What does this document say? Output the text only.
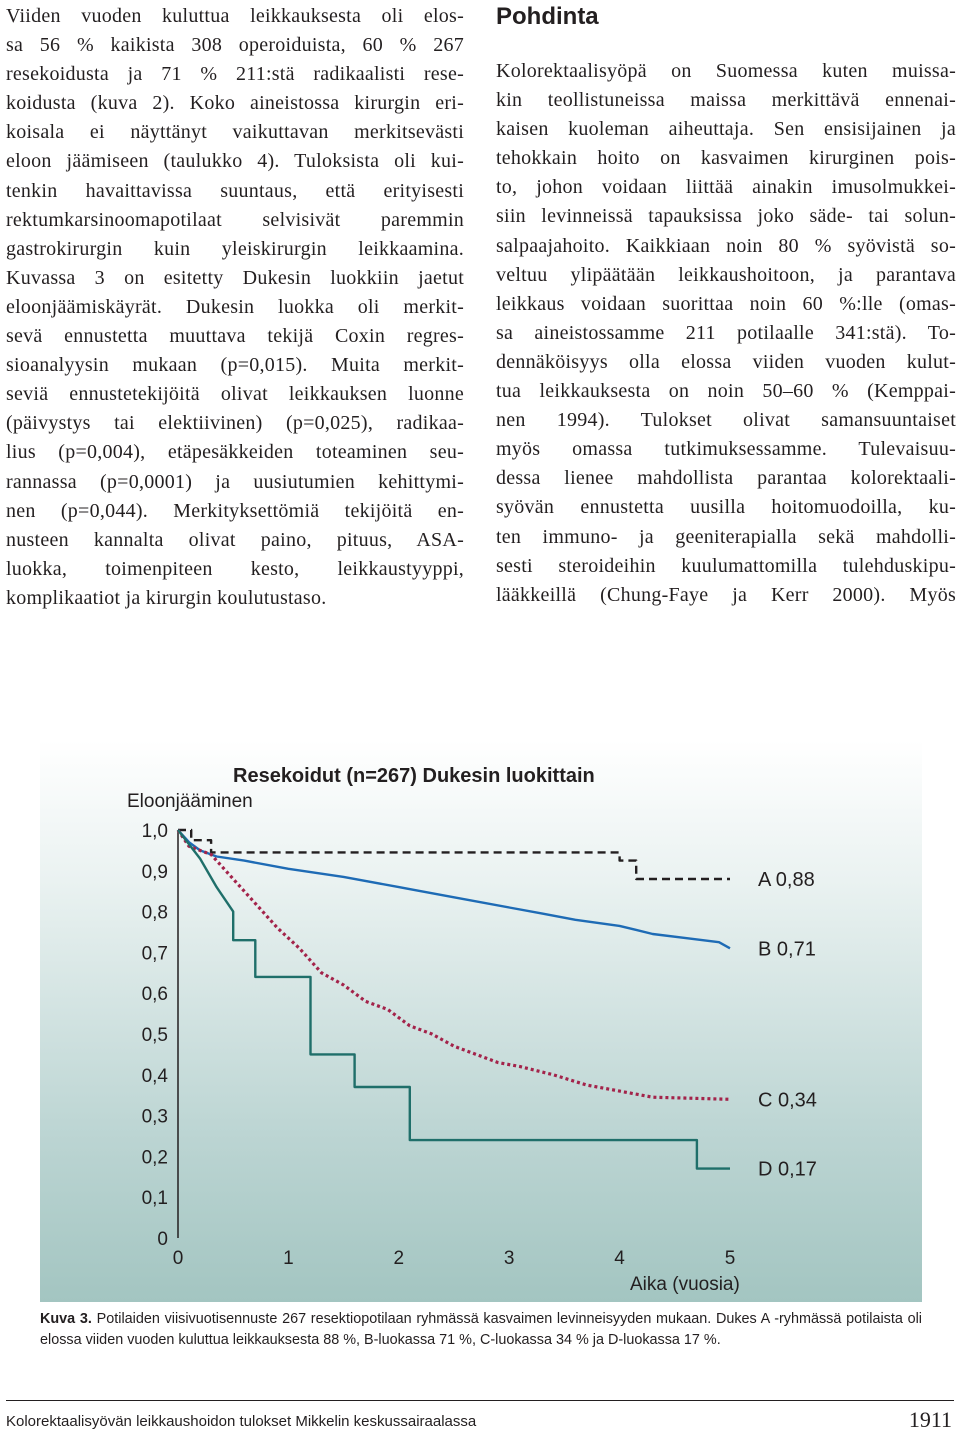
Viiden vuoden kuluttua leikkauksesta oli elos-

sa 56 % kaikista 308 operoiduista, 60 % 267

resekoidusta ja 71 % 211:stä radikaalisti rese-

koidusta (kuva 2). Koko aineistossa kirurgin eri-

koisala ei näyttänyt vaikuttavan merkitsevästi

eloon jäämiseen (taulukko 4). Tuloksista oli kui-

tenkin havaittavissa suuntaus, että erityisesti

rektumkarsinoomapotilaat selvisivät paremmin

gastrokirurgin kuin yleiskirurgin leikkaamina.

Kuvassa 3 on esitetty Dukesin luokkiin jaetut

eloonjäämiskäyrät. Dukesin luokka oli merkit-

sevä ennustetta muuttava tekijä Coxin regres-

sioanalyysin mukaan (p=0,015). Muita merkit-

seviä ennustetekijöitä olivat leikkauksen luonne

(päivystys tai elektiivinen) (p=0,025), radikaa-

lius (p=0,004), etäpesäkkeiden toteaminen seu-

rannassa (p=0,0001) ja uusiutumien kehittymi-

nen (p=0,044). Merkityksettömiä tekijöitä en-

nusteen kannalta olivat paino, pituus, ASA-

luokka, toimenpiteen kesto, leikkaustyyppi,

komplikaatiot ja kirurgin koulutustaso.

Pohdinta

Kolorektaalisyöpä on Suomessa kuten muissa-

kin teollistuneissa maissa merkittävä ennenai-

kaisen kuoleman aiheuttaja. Sen ensisijainen ja

tehokkain hoito on kasvaimen kirurginen pois-

to, johon voidaan liittää ainakin imusolmukkei-

siin levinneissä tapauksissa joko säde- tai solun-

salpaajahoito. Kaikkiaan noin 80 % syövistä so-

veltuu ylipäätään leikkaushoitoon, ja parantava

leikkaus voidaan suorittaa noin 60 %:lle (omas-

sa aineistossamme 211 potilaalle 341:stä). To-

dennäköisyys olla elossa viiden vuoden kulut-

tua leikkauksesta on noin 50–60 % (Kemppai-

nen 1994). Tulokset olivat samansuuntaiset

myös omassa tutkimuksessamme. Tulevaisuu-

dessa lienee mahdollista parantaa kolorektaali-

syövän ennustetta uusilla hoitomuodoilla, ku-

ten immuno- ja geeniterapialla sekä mahdolli-

sesti steroideihin kuulumattomilla tulehduskipu-

lääkkeillä (Chung-Faye ja Kerr 2000). Myös

Resekoidut (n=267) Dukesin luokittain
Eloonjääminen
Aika (vuosia)
0
0,1
0,2
0,3
0,4
0,5
0,6
0,7
0,8
0,9
1,0
0	1	2	3	4	5
A 0,88
B 0,71
C 0,34
D 0,17

Kuva 3. Potilaiden viisivuotisennuste 267 resektiopotilaan ryhmässä kasvaimen levinneisyyden mukaan. Dukes A -ryhmässä potilaista oli elossa viiden vuoden kuluttua leikkauksesta 88 %, B-luokassa 71 %, C-luokassa 34 % ja D-luokassa 17 %.

Kolorektaalisyövän leikkaushoidon tulokset Mikkelin keskussairaalassa	1911
